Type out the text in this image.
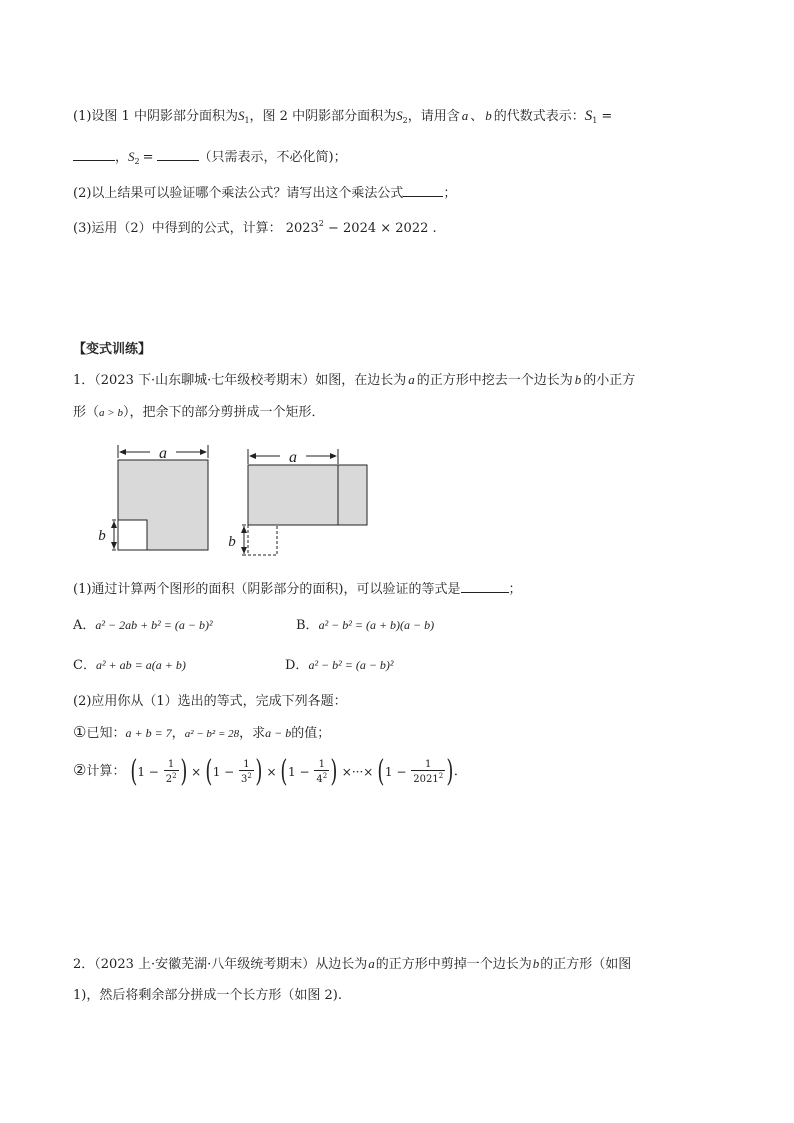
(1)设图 1 中阴影部分面积为$S_1$，图 2 中阴影部分面积为$S_2$，请用含 a 、 b 的代数式表示：$S_1$ =
，$S_2$ =	（只需表示，不必化简)；
(2)以上结果可以验证哪个乘法公式？请写出这个乘法公式	；
(3)运用（2）中得到的公式，计算： $2023^2 - 2024 \times 2022$ .
【变式训练】
1．（2023 下·山东聊城·七年级校考期末）如图，在边长为 a 的正方形中挖去一个边长为 b 的小正方
形（a > b），把余下的部分剪拼成一个矩形．
a
b
a
b
(1)通过计算两个图形的面积（阴影部分的面积)，可以验证的等式是	；
A．a² − 2ab + b² = (a − b)²	B．a² − b² = (a + b)(a − b)
C．a² + ab = a(a + b)	D．a² − b² = (a − b)²
(2)应用你从（1）选出的等式，完成下列各题：
①已知：a + b = 7，a² − b² = 28，求a − b的值；
②计算： ($1 - \frac{1}{2^2}$ ) × ($1 - \frac{1}{3^2}$ ) × ($1 - \frac{1}{4^2}$ ) ×···× ($1 - \frac{1}{2021^2}$ )．
2．（2023 上·安徽芜湖·八年级统考期末）从边长为a的正方形中剪掉一个边长为b的正方形（如图
1)，然后将剩余部分拼成一个长方形（如图 2).
